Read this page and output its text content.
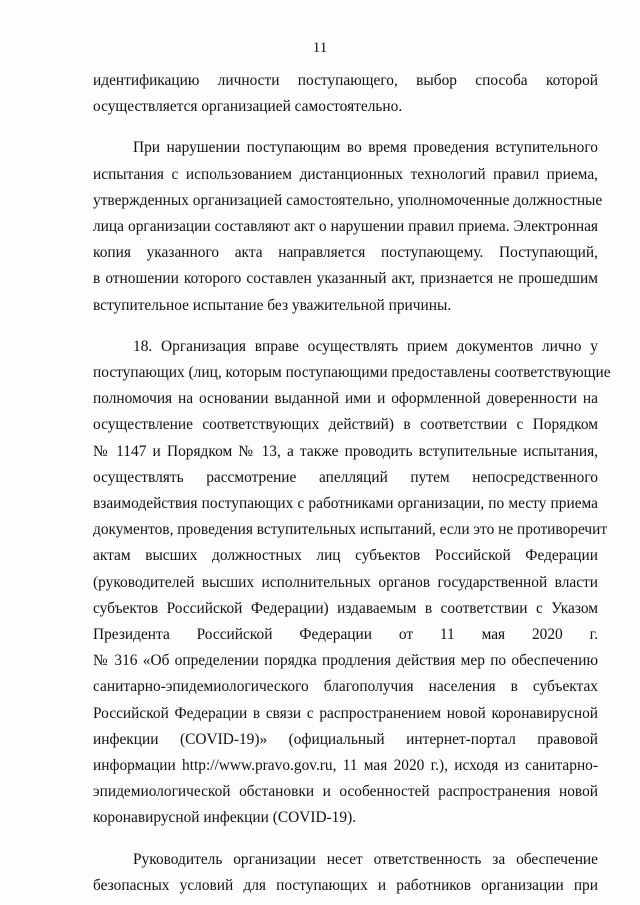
11

идентификацию личности поступающего, выбор способа которой
осуществляется организацией самостоятельно.

При нарушении поступающим во время проведения вступительного
испытания с использованием дистанционных технологий правил приема,
утвержденных организацией самостоятельно, уполномоченные должностные
лица организации составляют акт о нарушении правил приема. Электронная
копия указанного акта направляется поступающему. Поступающий,
в отношении которого составлен указанный акт, признается не прошедшим
вступительное испытание без уважительной причины.

18. Организация вправе осуществлять прием документов лично у
поступающих (лиц, которым поступающими предоставлены соответствующие
полномочия на основании выданной ими и оформленной доверенности на
осуществление соответствующих действий) в соответствии с Порядком
№ 1147 и Порядком № 13, а также проводить вступительные испытания,
осуществлять рассмотрение апелляций путем непосредственного
взаимодействия поступающих с работниками организации, по месту приема
документов, проведения вступительных испытаний, если это не противоречит
актам высших должностных лиц субъектов Российской Федерации
(руководителей высших исполнительных органов государственной власти
субъектов Российской Федерации) издаваемым в соответствии с Указом
Президента Российской Федерации от 11 мая 2020 г.
№ 316 «Об определении порядка продления действия мер по обеспечению
санитарно-эпидемиологического благополучия населения в субъектах
Российской Федерации в связи с распространением новой коронавирусной
инфекции (COVID-19)» (официальный интернет-портал правовой
информации http://www.pravo.gov.ru, 11 мая 2020 г.), исходя из санитарно-
эпидемиологической обстановки и особенностей распространения новой
коронавирусной инфекции (COVID-19).

Руководитель организации несет ответственность за обеспечение
безопасных условий для поступающих и работников организации при
